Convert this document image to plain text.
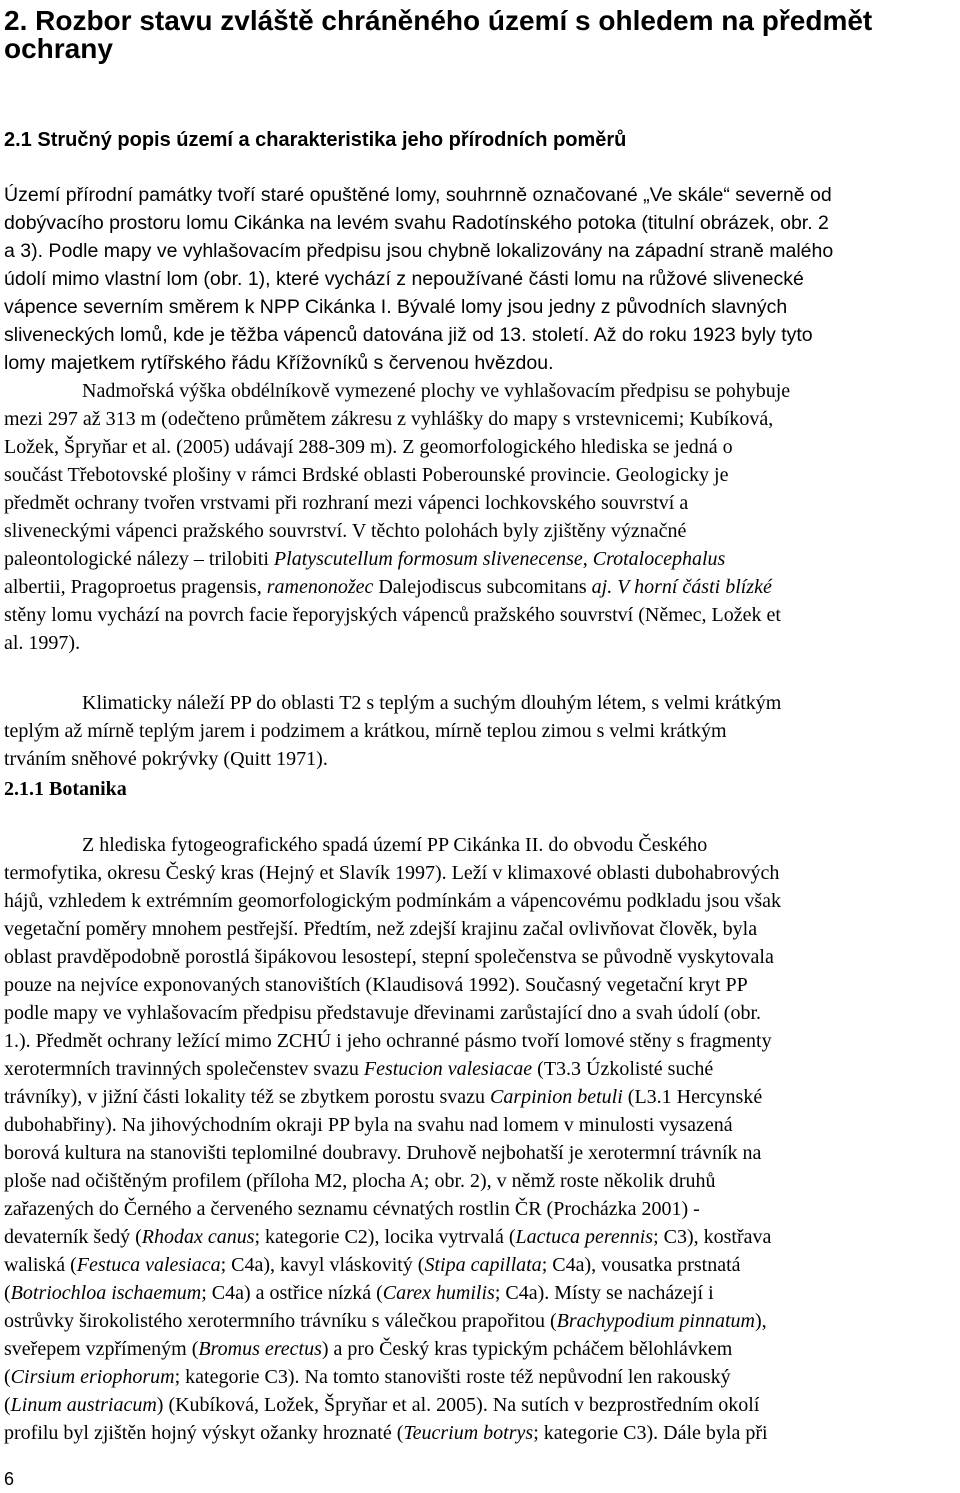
2. Rozbor stavu zvláště chráněného území s ohledem na předmět
ochrany
2.1 Stručný popis území a charakteristika jeho přírodních poměrů
Území přírodní památky tvoří staré opuštěné lomy, souhrnně označované „Ve skále“ severně od
dobývacího prostoru lomu Cikánka na levém svahu Radotínského potoka (titulní obrázek, obr. 2
a 3). Podle mapy ve vyhlašovacím předpisu jsou chybně lokalizovány na západní straně malého
údolí mimo vlastní lom (obr. 1), které vychází z nepoužívané části lomu na růžové slivenecké
vápence severním směrem k NPP Cikánka I. Bývalé lomy jsou jedny z původních slavných
sliveneckých lomů, kde je těžba vápenců datována již od 13. století. Až do roku 1923 byly tyto
lomy majetkem rytířského řádu Křížovníků s červenou hvězdou.
Nadmořská výška obdélníkově vymezené plochy ve vyhlašovacím předpisu se pohybuje
mezi 297 až 313 m (odečteno průmětem zákresu z vyhlášky do mapy s vrstevnicemi; Kubíková,
Ložek, Špryňar et al. (2005) udávají 288-309 m). Z geomorfologického hlediska se jedná o
součást Třebotovské plošiny v rámci Brdské oblasti Poberounské provincie. Geologicky je
předmět ochrany tvořen vrstvami při rozhraní mezi vápenci lochkovského souvrství a
sliveneckými vápenci pražského souvrství. V těchto polohách byly zjištěny význačné
paleontologické nálezy – trilobiti Platyscutellum formosum slivenecense, Crotalocephalus
albertii, Pragoproetus pragensis, ramenonožec Dalejodiscus subcomitans aj. V horní části blízké
stěny lomu vychází na povrch facie řeporyjských vápenců pražského souvrství (Němec, Ložek et
al. 1997).
Klimaticky náleží PP do oblasti T2 s teplým a suchým dlouhým létem, s velmi krátkým
teplým až mírně teplým jarem i podzimem a krátkou, mírně teplou zimou s velmi krátkým
trváním sněhové pokrývky (Quitt 1971).
2.1.1 Botanika
Z hlediska fytogeografického spadá území PP Cikánka II. do obvodu Českého
termofytika, okresu Český kras (Hejný et Slavík 1997). Leží v klimaxové oblasti dubohabrových
hájů, vzhledem k extrémním geomorfologickým podmínkám a vápencovému podkladu jsou však
vegetační poměry mnohem pestřejší. Předtím, než zdejší krajinu začal ovlivňovat člověk, byla
oblast pravděpodobně porostlá šipákovou lesostepí, stepní společenstva se původně vyskytovala
pouze na nejvíce exponovaných stanovištích (Klaudisová 1992). Současný vegetační kryt PP
podle mapy ve vyhlašovacím předpisu představuje dřevinami zarůstající dno a svah údolí (obr.
1.). Předmět ochrany ležící mimo ZCHÚ i jeho ochranné pásmo tvoří lomové stěny s fragmenty
xerotermních travinných společenstev svazu Festucion valesiacae (T3.3 Úzkolisté suché
trávníky), v jižní části lokality též se zbytkem porostu svazu Carpinion betuli (L3.1 Hercynské
dubohabřiny). Na jihovýchodním okraji PP byla na svahu nad lomem v minulosti vysazená
borová kultura na stanovišti teplomilné doubravy. Druhově nejbohatší je xerotermní trávník na
ploše nad očištěným profilem (příloha M2, plocha A; obr. 2), v němž roste několik druhů
zařazených do Černého a červeného seznamu cévnatých rostlin ČR (Procházka 2001) -
devaterník šedý (Rhodax canus; kategorie C2), locika vytrvalá (Lactuca perennis; C3), kostřava
waliská (Festuca valesiaca; C4a), kavyl vláskovitý (Stipa capillata; C4a), vousatka prstnatá
(Botriochloa ischaemum; C4a) a ostřice nízká (Carex humilis; C4a). Místy se nacházejí i
ostrůvky širokolistého xerotermního trávníku s válečkou prapořitou (Brachypodium pinnatum),
sveřepem vzpřímeným (Bromus erectus) a pro Český kras typickým pcháčem bělohlávkem
(Cirsium eriophorum; kategorie C3). Na tomto stanovišti roste též nepůvodní len rakouský
(Linum austriacum) (Kubíková, Ložek, Špryňar et al. 2005). Na sutích v bezprostředním okolí
profilu byl zjištěn hojný výskyt ožanky hroznaté (Teucrium botrys; kategorie C3). Dále byla při
6
